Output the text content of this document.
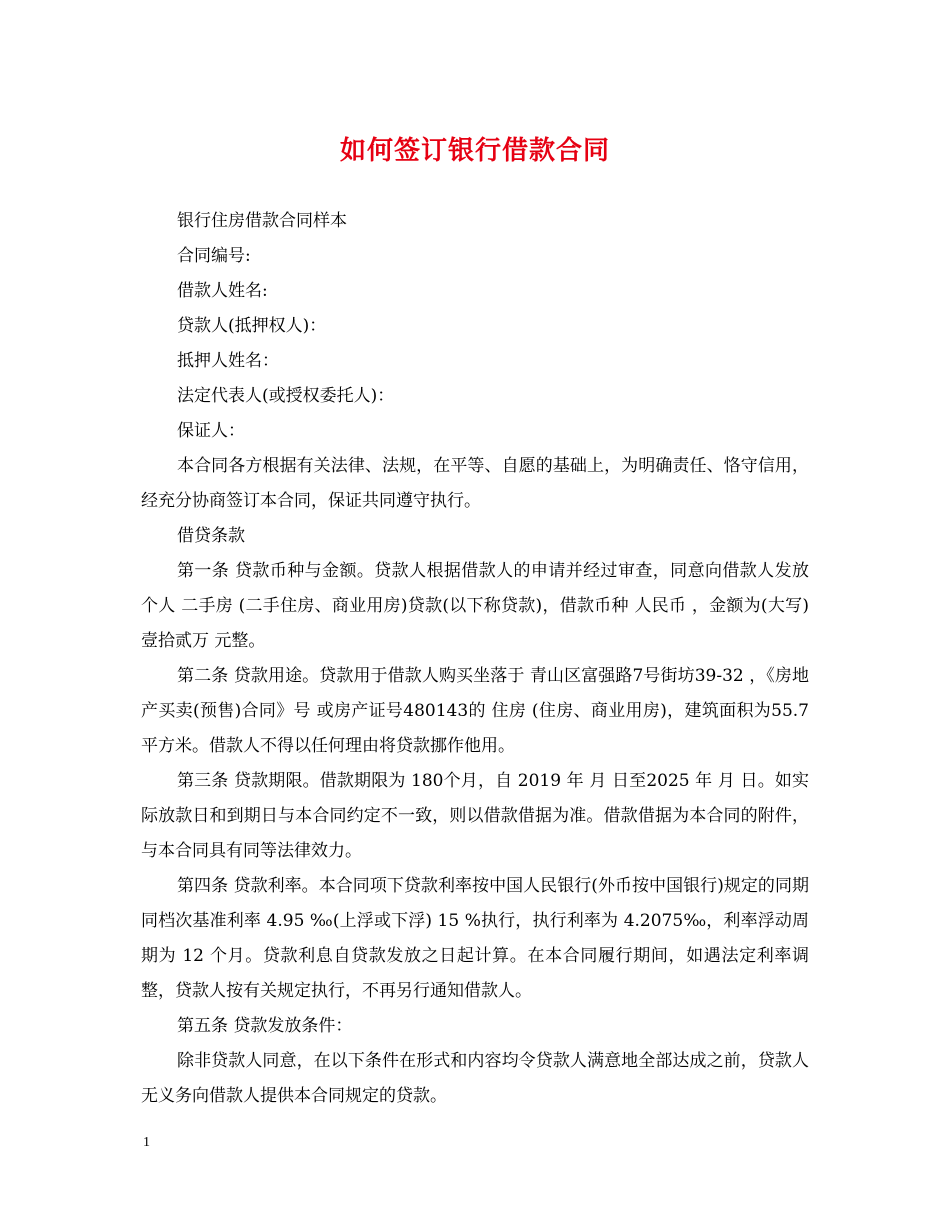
如何签订银行借款合同

银行住房借款合同样本

合同编号:

借款人姓名:

贷款人(抵押权人)：

抵押人姓名：

法定代表人(或授权委托人)：

保证人：

本合同各方根据有关法律、法规，在平等、自愿的基础上，为明确责任、恪守信用，经充分协商签订本合同，保证共同遵守执行。

借贷条款

第一条 贷款币种与金额。贷款人根据借款人的申请并经过审查，同意向借款人发放个人 二手房 (二手住房、商业用房)贷款(以下称贷款)，借款币种 人民币 ，金额为(大写) 壹拾贰万 元整。

第二条 贷款用途。贷款用于借款人购买坐落于 青山区富强路7号街坊39-32 ，《房地产买卖(预售)合同》号 或房产证号480143的 住房 (住房、商业用房)，建筑面积为55.7平方米。借款人不得以任何理由将贷款挪作他用。

第三条 贷款期限。借款期限为 180个月，自 2019 年 月 日至2025 年 月 日。如实际放款日和到期日与本合同约定不一致，则以借款借据为准。借款借据为本合同的附件，与本合同具有同等法律效力。

第四条 贷款利率。本合同项下贷款利率按中国人民银行(外币按中国银行)规定的同期同档次基准利率 4.95 ‰(上浮或下浮) 15 %执行，执行利率为 4.2075‰，利率浮动周期为 12 个月。贷款利息自贷款发放之日起计算。在本合同履行期间，如遇法定利率调整，贷款人按有关规定执行，不再另行通知借款人。

第五条 贷款发放条件：

除非贷款人同意，在以下条件在形式和内容均令贷款人满意地全部达成之前，贷款人无义务向借款人提供本合同规定的贷款。

1
